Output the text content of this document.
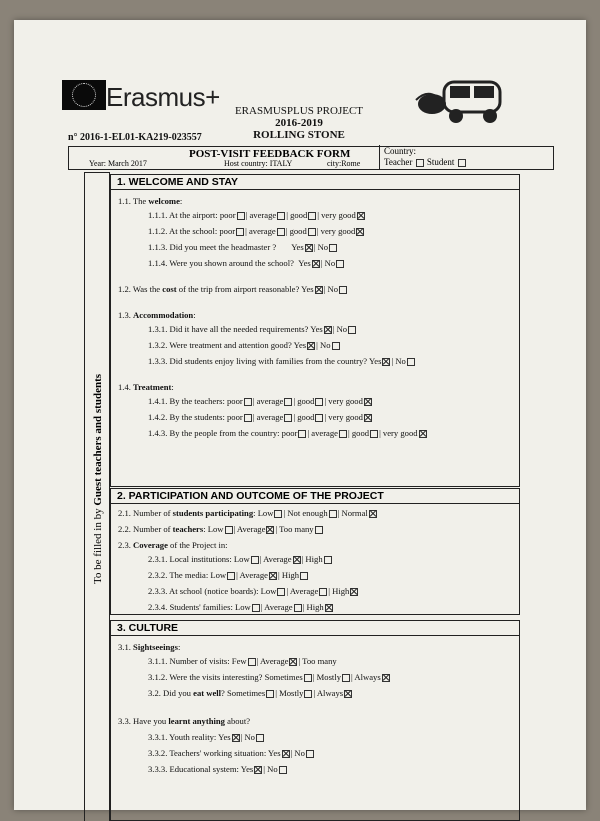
Erasmus+	ERASMUSPLUS PROJECT
2016-2019
ROLLING STONE
n° 2016-1-EL01-KA219-023557
POST-VISIT FEEDBACK FORM
Year: March 2017	Host country: ITALY	city:Rome
Country:
Teacher Student
To be filled in by Guest teachers and students
1. WELCOME AND STAY
1.1. The welcome:
1.1.1. At the airport: poor | average | good | very good
1.1.2. At the school: poor | average | good | very good
1.1.3. Did you meet the headmaster ? Yes | No
1.1.4. Were you shown around the school? Yes | No
1.2. Was the cost of the trip from airport reasonable? Yes | No
1.3. Accommodation:
1.3.1. Did it have all the needed requirements? Yes | No
1.3.2. Were treatment and attention good? Yes | No
1.3.3. Did students enjoy living with families from the country? Yes | No
1.4. Treatment:
1.4.1. By the teachers: poor | average | good | very good
1.4.2. By the students: poor | average | good | very good
1.4.3. By the people from the country: poor | average | good | very good
2. PARTICIPATION AND OUTCOME OF THE PROJECT
2.1. Number of students participating: Low | Not enough | Normal
2.2. Number of teachers: Low | Average | Too many
2.3. Coverage of the Project in:
2.3.1. Local institutions: Low | Average | High
2.3.2. The media: Low | Average | High
2.3.3. At school (notice boards): Low | Average | High
2.3.4. Students' families: Low | Average | High
3. CULTURE
3.1. Sightseeings:
3.1.1. Number of visits: Few | Average | Too many
3.1.2. Were the visits interesting? Sometimes | Mostly | Always
3.2. Did you eat well? Sometimes | Mostly | Always
3.3. Have you learnt anything about?
3.3.1. Youth reality: Yes | No
3.3.2. Teachers' working situation: Yes | No
3.3.3. Educational system: Yes | No
